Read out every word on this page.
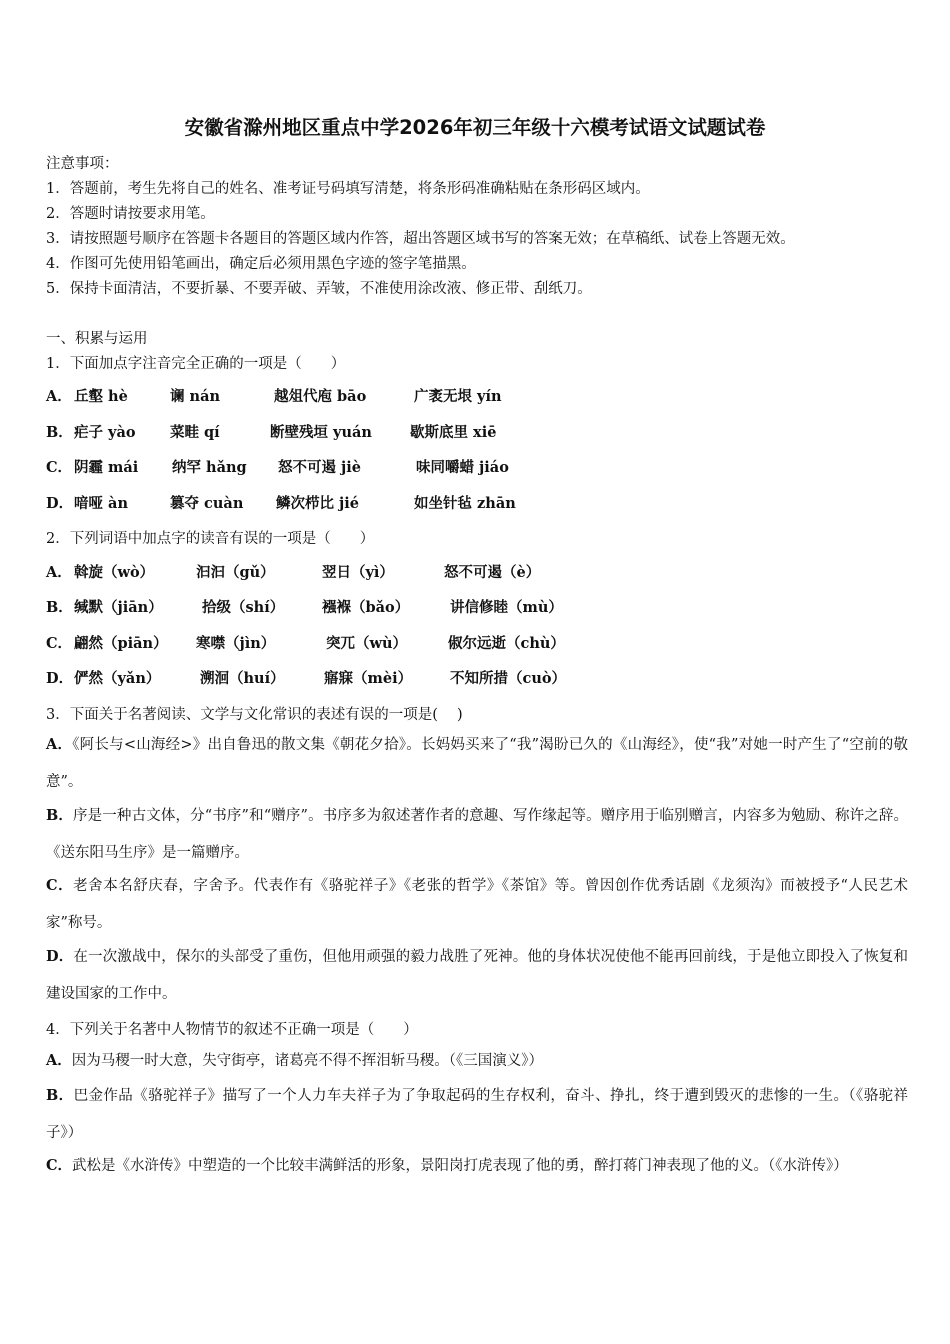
安徽省滁州地区重点中学2026年初三年级十六模考试语文试题试卷
注意事项：
1．答题前，考生先将自己的姓名、准考证号码填写清楚，将条形码准确粘贴在条形码区域内。
2．答题时请按要求用笔。
3．请按照题号顺序在答题卡各题目的答题区域内作答，超出答题区域书写的答案无效；在草稿纸、试卷上答题无效。
4．作图可先使用铅笔画出，确定后必须用黑色字迹的签字笔描黑。
5．保持卡面清洁，不要折暴、不要弄破、弄皱，不准使用涂改液、修正带、刮纸刀。
一、积累与运用
1．下面加点字注音完全正确的一项是（　　）
A． 丘壑 hè	谰 nán	越俎代庖 bāo	广袤无垠 yín
B． 疟子 yào 菜畦 qí	断壁残垣 yuán	歇斯底里 xiē
C． 阴霾 mái 纳罕 hǎng 怒不可遏 jiè	味同嚼蜡 jiáo
D． 喑哑 àn	篡夺 cuàn 鳞次栉比 jié	如坐针毡 zhān
2．下列词语中加点字的读音有误的一项是（　　）
A． 斡旋（wò）	汩汩（gǔ）	翌日（yì）	怒不可遏（è）
B． 缄默（jiān）	拾级（shí）	襁褓（bǎo）	讲信修睦（mù）
C． 翩然（piān） 寒噤（jìn）	突兀（wù）	俶尔远逝（chù）
D． 俨然（yǎn）	溯洄（huí）	寤寐（mèi）	不知所措（cuò）
3．下面关于名著阅读、文学与文化常识的表述有误的一项是(　 )
A．《阿长与<山海经>》出自鲁迅的散文集《朝花夕拾》。长妈妈买来了“我”渴盼已久的《山海经》，使“我”对她一时产生了“空前的敬意”。
B．序是一种古文体，分“书序”和“赠序”。书序多为叙述著作者的意趣、写作缘起等。赠序用于临别赠言，内容多为勉励、称许之辞。《送东阳马生序》是一篇赠序。
C．老舍本名舒庆春，字舍予。代表作有《骆驼祥子》《老张的哲学》《茶馆》等。曾因创作优秀话剧《龙须沟》而被授予“人民艺术家”称号。
D．在一次激战中，保尔的头部受了重伤，但他用顽强的毅力战胜了死神。他的身体状况使他不能再回前线，于是他立即投入了恢复和建设国家的工作中。
4．下列关于名著中人物情节的叙述不正确一项是（　　）
A．因为马稷一时大意，失守街亭，诸葛亮不得不挥泪斩马稷。（《三国演义》）
B．巴金作品《骆驼祥子》描写了一个人力车夫祥子为了争取起码的生存权利，奋斗、挣扎，终于遭到毁灭的悲惨的一生。（《骆驼祥子》）
C．武松是《水浒传》中塑造的一个比较丰满鲜活的形象，景阳岗打虎表现了他的勇，醉打蒋门神表现了他的义。（《水浒传》）
